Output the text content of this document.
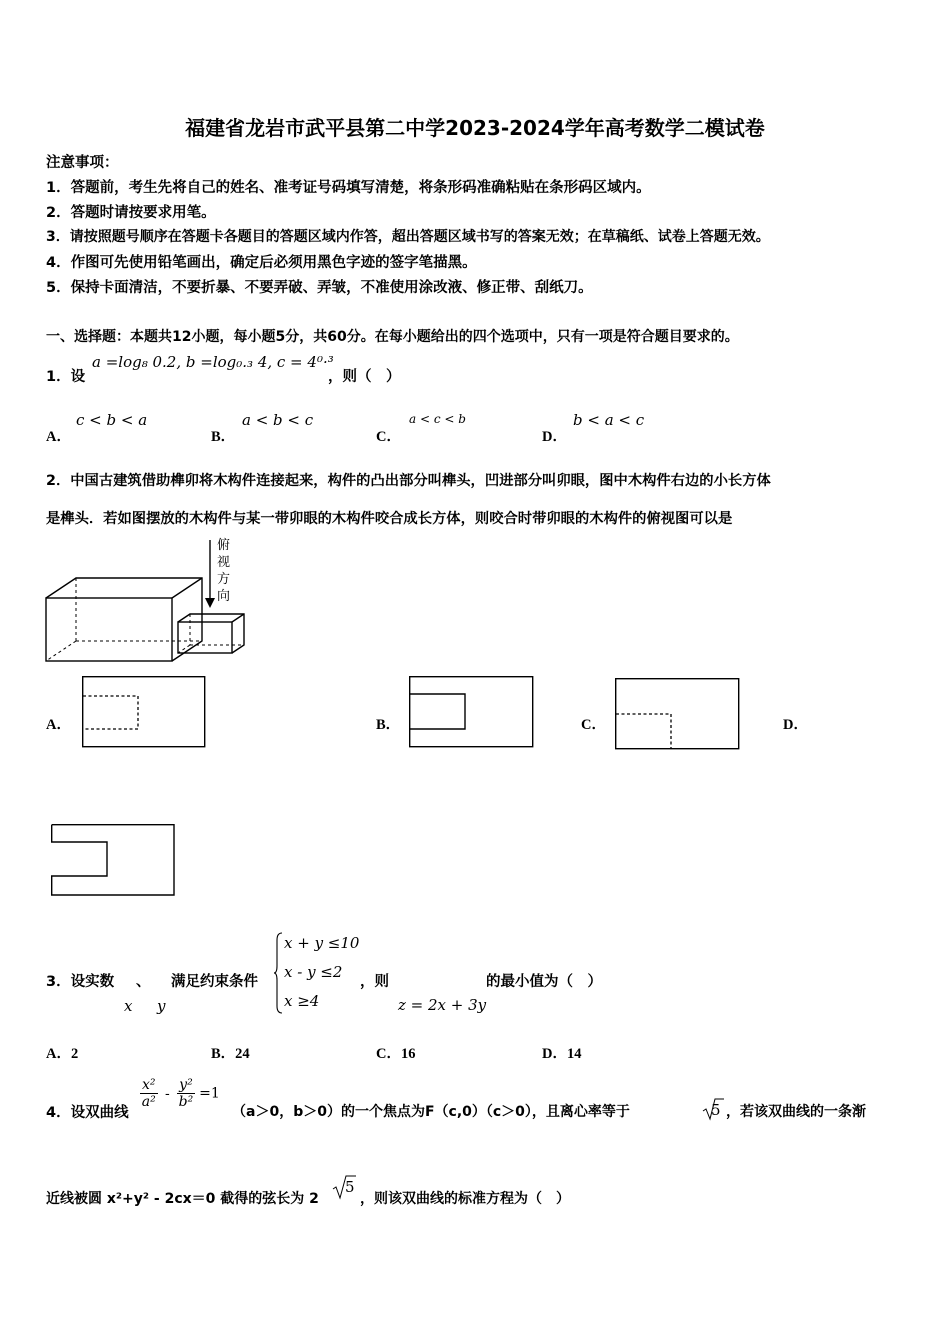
福建省龙岩市武平县第二中学2023-2024学年高考数学二模试卷
注意事项：
1．答题前，考生先将自己的姓名、准考证号码填写清楚，将条形码准确粘贴在条形码区域内。
2．答题时请按要求用笔。
3．请按照题号顺序在答题卡各题目的答题区域内作答，超出答题区域书写的答案无效；在草稿纸、试卷上答题无效。
4．作图可先使用铅笔画出，确定后必须用黑色字迹的签字笔描黑。
5．保持卡面清洁，不要折暴、不要弄破、弄皱，不准使用涂改液、修正带、刮纸刀。
一、选择题：本题共12小题，每小题5分，共60分。在每小题给出的四个选项中，只有一项是符合题目要求的。
1．设
a =log₈ 0.2, b =log₀.₃ 4, c = 4⁰·³
，则（　）
A．
c < b < a
B．
a < b < c
C．
a < c < b
D．
b < a < c
2．中国古建筑借助榫卯将木构件连接起来，构件的凸出部分叫榫头，凹进部分叫卯眼，图中木构件右边的小长方体
是榫头．若如图摆放的木构件与某一带卯眼的木构件咬合成长方体，则咬合时带卯眼的木构件的俯视图可以是
俯
视
方
向
A．	B．	C．	D．
3．设实数 、 满足约束条件
x y
x + y ≤10
x - y ≤2
x ≥4
，则
z = 2x + 3y
的最小值为（　）
A．2	B．24	C．16	D．14
4．设双曲线
$\frac{\text{x²}}{\text{a²}} - \frac{\text{y²}}{\text{b²}} =1$
（a＞0，b＞0）的一个焦点为F（c,0）（c＞0），且离心率等于	5 ，若该双曲线的一条渐
近线被圆 x²+y² - 2cx＝0 截得的弦长为 2
5
，则该双曲线的标准方程为（　）
